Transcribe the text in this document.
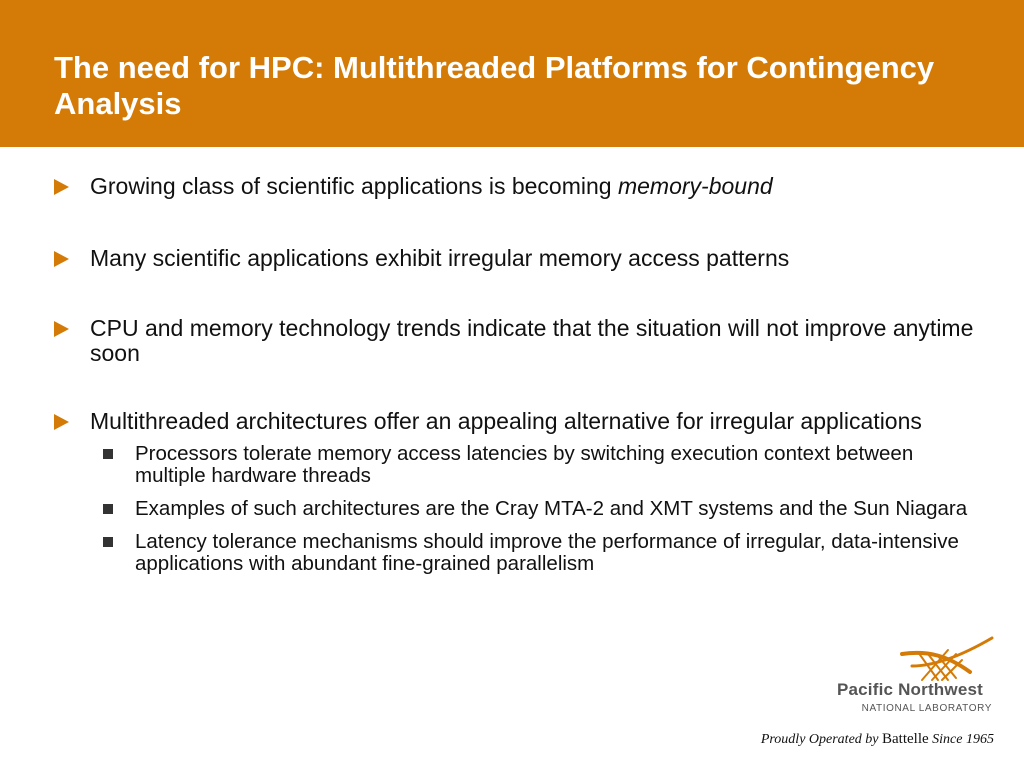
The need for HPC: Multithreaded Platforms for Contingency Analysis
Growing class of scientific applications is becoming memory-bound
Many scientific applications exhibit irregular memory access patterns
CPU and memory technology trends indicate that the situation will not improve anytime soon
Multithreaded architectures offer an appealing alternative for irregular applications
Processors tolerate memory access latencies by switching execution context between multiple hardware threads
Examples of such architectures are the Cray MTA-2 and XMT systems and the Sun Niagara
Latency tolerance mechanisms should improve the performance of irregular, data-intensive applications with abundant fine-grained parallelism
Pacific Northwest
NATIONAL LABORATORY
Proudly Operated by Battelle Since 1965
